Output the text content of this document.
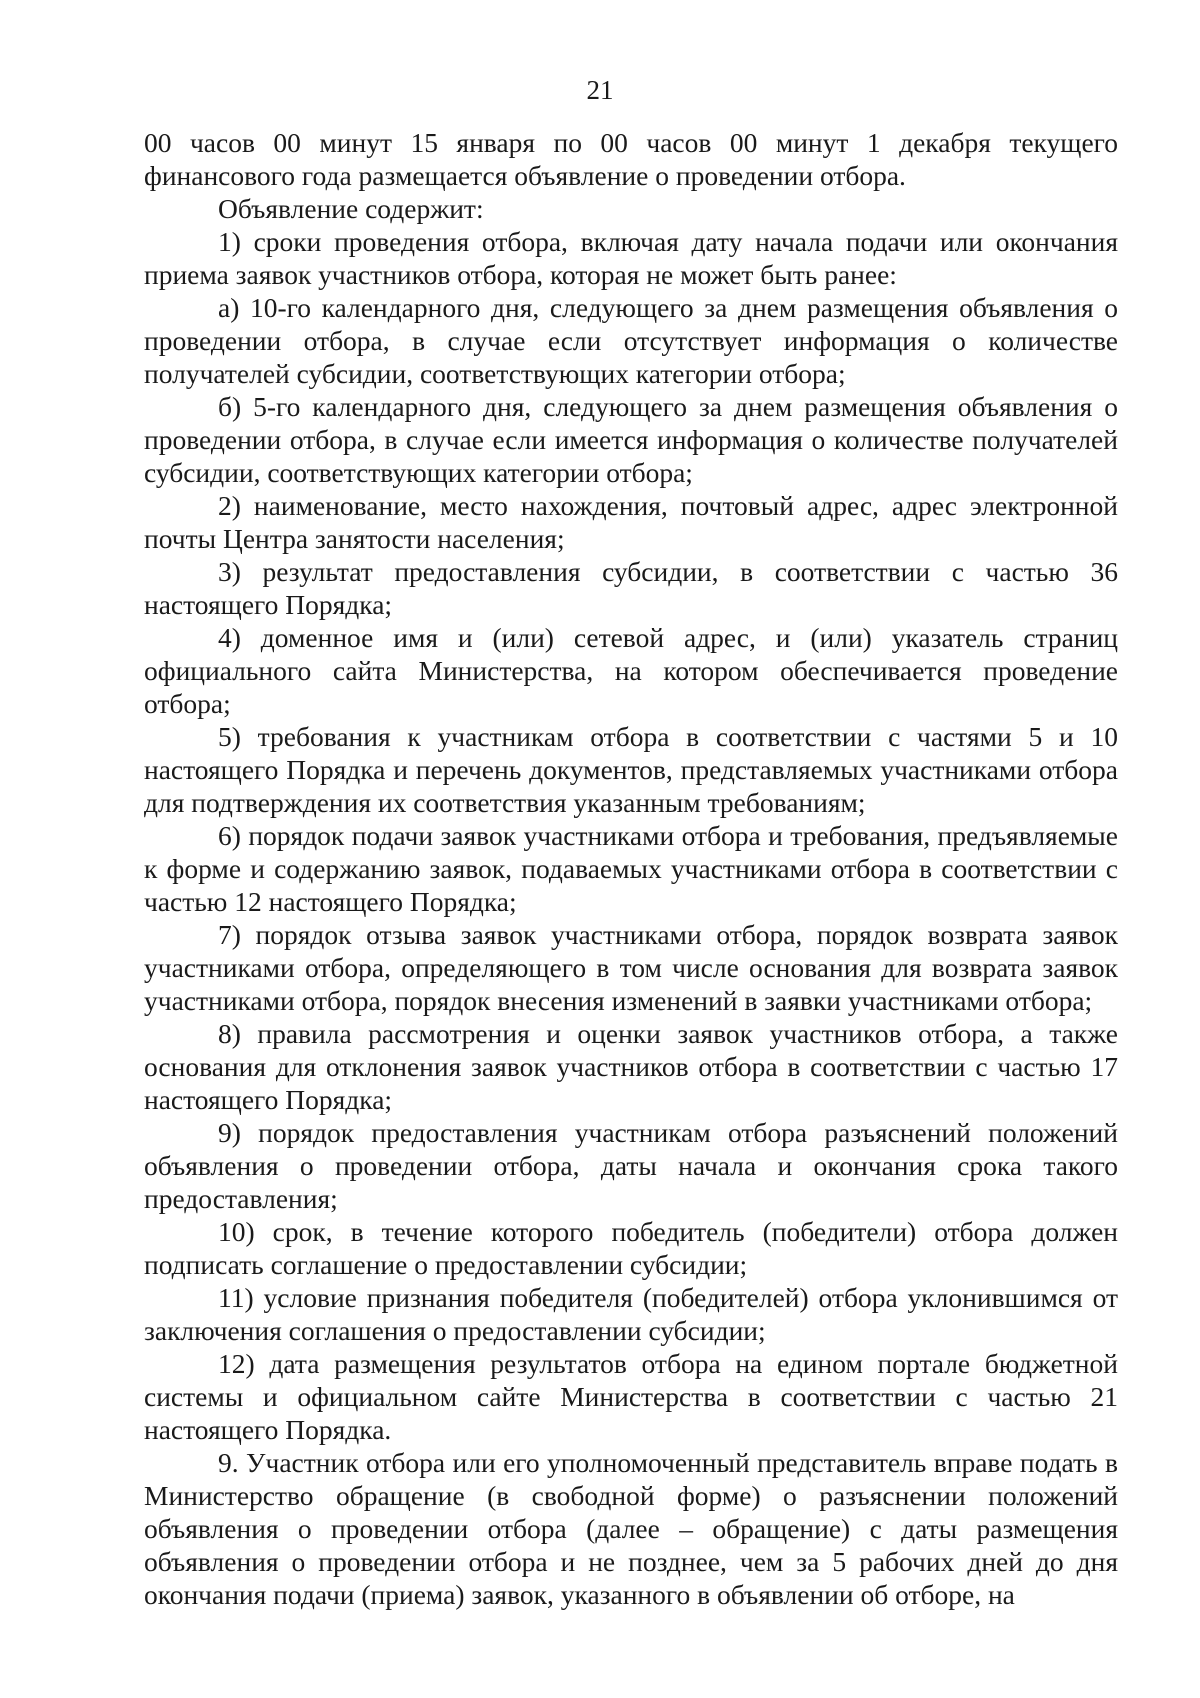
21

00 часов 00 минут 15 января по 00 часов 00 минут 1 декабря текущего финансового года размещается объявление о проведении отбора.

Объявление содержит:

1) сроки проведения отбора, включая дату начала подачи или окончания приема заявок участников отбора, которая не может быть ранее:

а) 10-го календарного дня, следующего за днем размещения объявления о проведении отбора, в случае если отсутствует информация о количестве получателей субсидии, соответствующих категории отбора;

б) 5-го календарного дня, следующего за днем размещения объявления о проведении отбора, в случае если имеется информация о количестве получателей субсидии, соответствующих категории отбора;

2) наименование, место нахождения, почтовый адрес, адрес электронной почты Центра занятости населения;

3) результат предоставления субсидии, в соответствии с частью 36 настоящего Порядка;

4) доменное имя и (или) сетевой адрес, и (или) указатель страниц официального сайта Министерства, на котором обеспечивается проведение отбора;

5) требования к участникам отбора в соответствии с частями 5 и 10 настоящего Порядка и перечень документов, представляемых участниками отбора для подтверждения их соответствия указанным требованиям;

6) порядок подачи заявок участниками отбора и требования, предъявляемые к форме и содержанию заявок, подаваемых участниками отбора в соответствии с частью 12 настоящего Порядка;

7) порядок отзыва заявок участниками отбора, порядок возврата заявок участниками отбора, определяющего в том числе основания для возврата заявок участниками отбора, порядок внесения изменений в заявки участниками отбора;

8) правила рассмотрения и оценки заявок участников отбора, а также основания для отклонения заявок участников отбора в соответствии с частью 17 настоящего Порядка;

9) порядок предоставления участникам отбора разъяснений положений объявления о проведении отбора, даты начала и окончания срока такого предоставления;

10) срок, в течение которого победитель (победители) отбора должен подписать соглашение о предоставлении субсидии;

11) условие признания победителя (победителей) отбора уклонившимся от заключения соглашения о предоставлении субсидии;

12) дата размещения результатов отбора на едином портале бюджетной системы и официальном сайте Министерства в соответствии с частью 21 настоящего Порядка.

9. Участник отбора или его уполномоченный представитель вправе подать в Министерство обращение (в свободной форме) о разъяснении положений объявления о проведении отбора (далее – обращение) с даты размещения объявления о проведении отбора и не позднее, чем за 5 рабочих дней до дня окончания подачи (приема) заявок, указанного в объявлении об отборе, на
